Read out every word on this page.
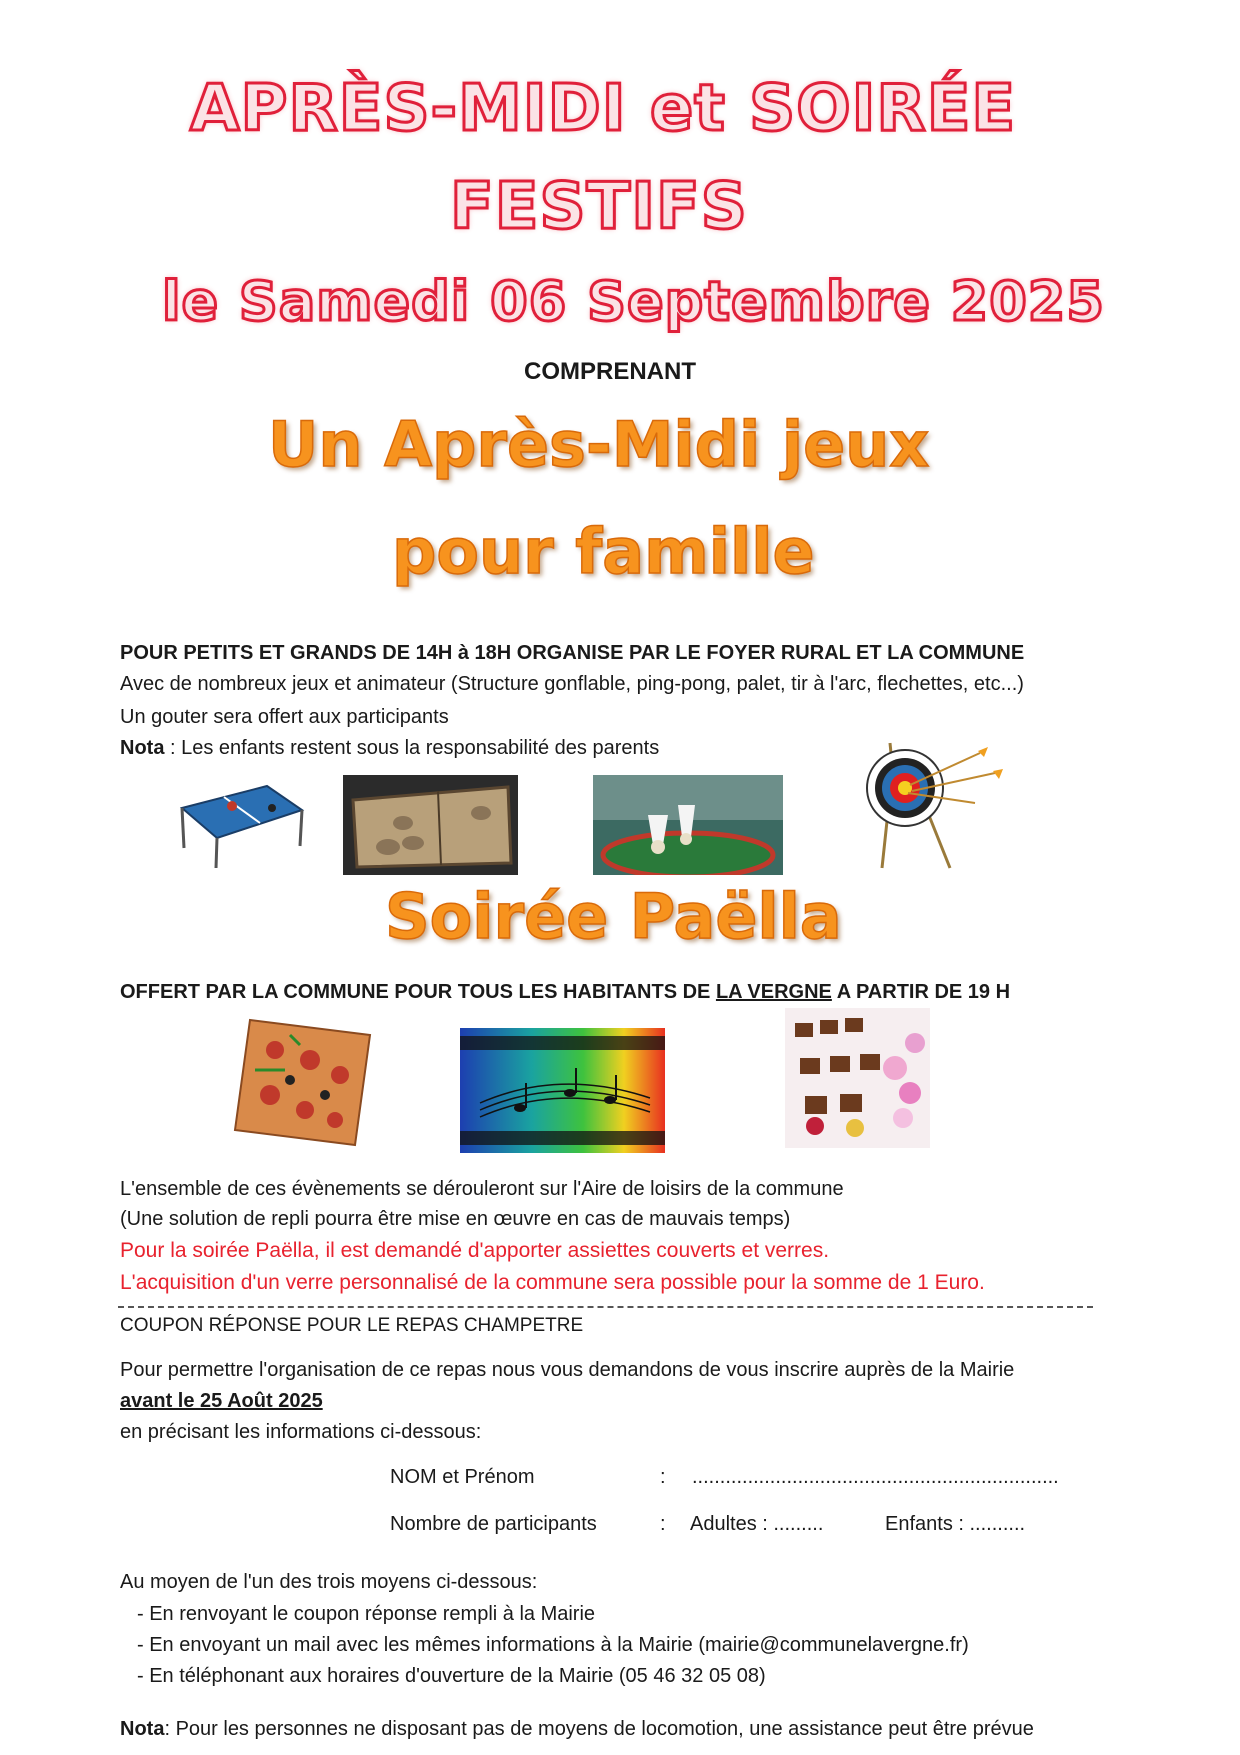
APRÈS-MIDI et SOIRÉE
FESTIFS
le Samedi 06 Septembre 2025
COMPRENANT
Un Après-Midi jeux
pour famille
POUR PETITS ET GRANDS DE 14H à 18H ORGANISE PAR LE FOYER RURAL ET LA COMMUNE
Avec de nombreux jeux et animateur (Structure gonflable, ping-pong, palet, tir à l'arc, flechettes, etc...)
Un gouter sera offert aux participants
Nota : Les enfants restent sous la responsabilité des parents
Soirée Paëlla
OFFERT PAR LA COMMUNE POUR TOUS LES HABITANTS DE LA VERGNE A PARTIR DE 19 H
L'ensemble de ces évènements se dérouleront sur l'Aire de loisirs de la commune
(Une solution de repli pourra être mise en œuvre en cas de mauvais temps)
Pour la soirée Paëlla, il est demandé d'apporter assiettes couverts et verres.
L'acquisition d'un verre personnalisé de la commune sera possible pour la somme de 1 Euro.
COUPON RÉPONSE POUR LE REPAS CHAMPETRE
Pour permettre l'organisation de ce repas nous vous demandons de vous inscrire auprès de la Mairie
avant le 25 Août 2025
en précisant les informations ci-dessous:
NOM et Prénom	: ..................................................................
Nombre de participants	: Adultes : .........	Enfants : ..........
Au moyen de l'un des trois moyens ci-dessous:
- En renvoyant le coupon réponse rempli à la Mairie
- En envoyant un mail avec les mêmes informations à la Mairie (mairie@communelavergne.fr)
- En téléphonant aux horaires d'ouverture de la Mairie (05 46 32 05 08)
Nota: Pour les personnes ne disposant pas de moyens de locomotion, une assistance peut être prévue
